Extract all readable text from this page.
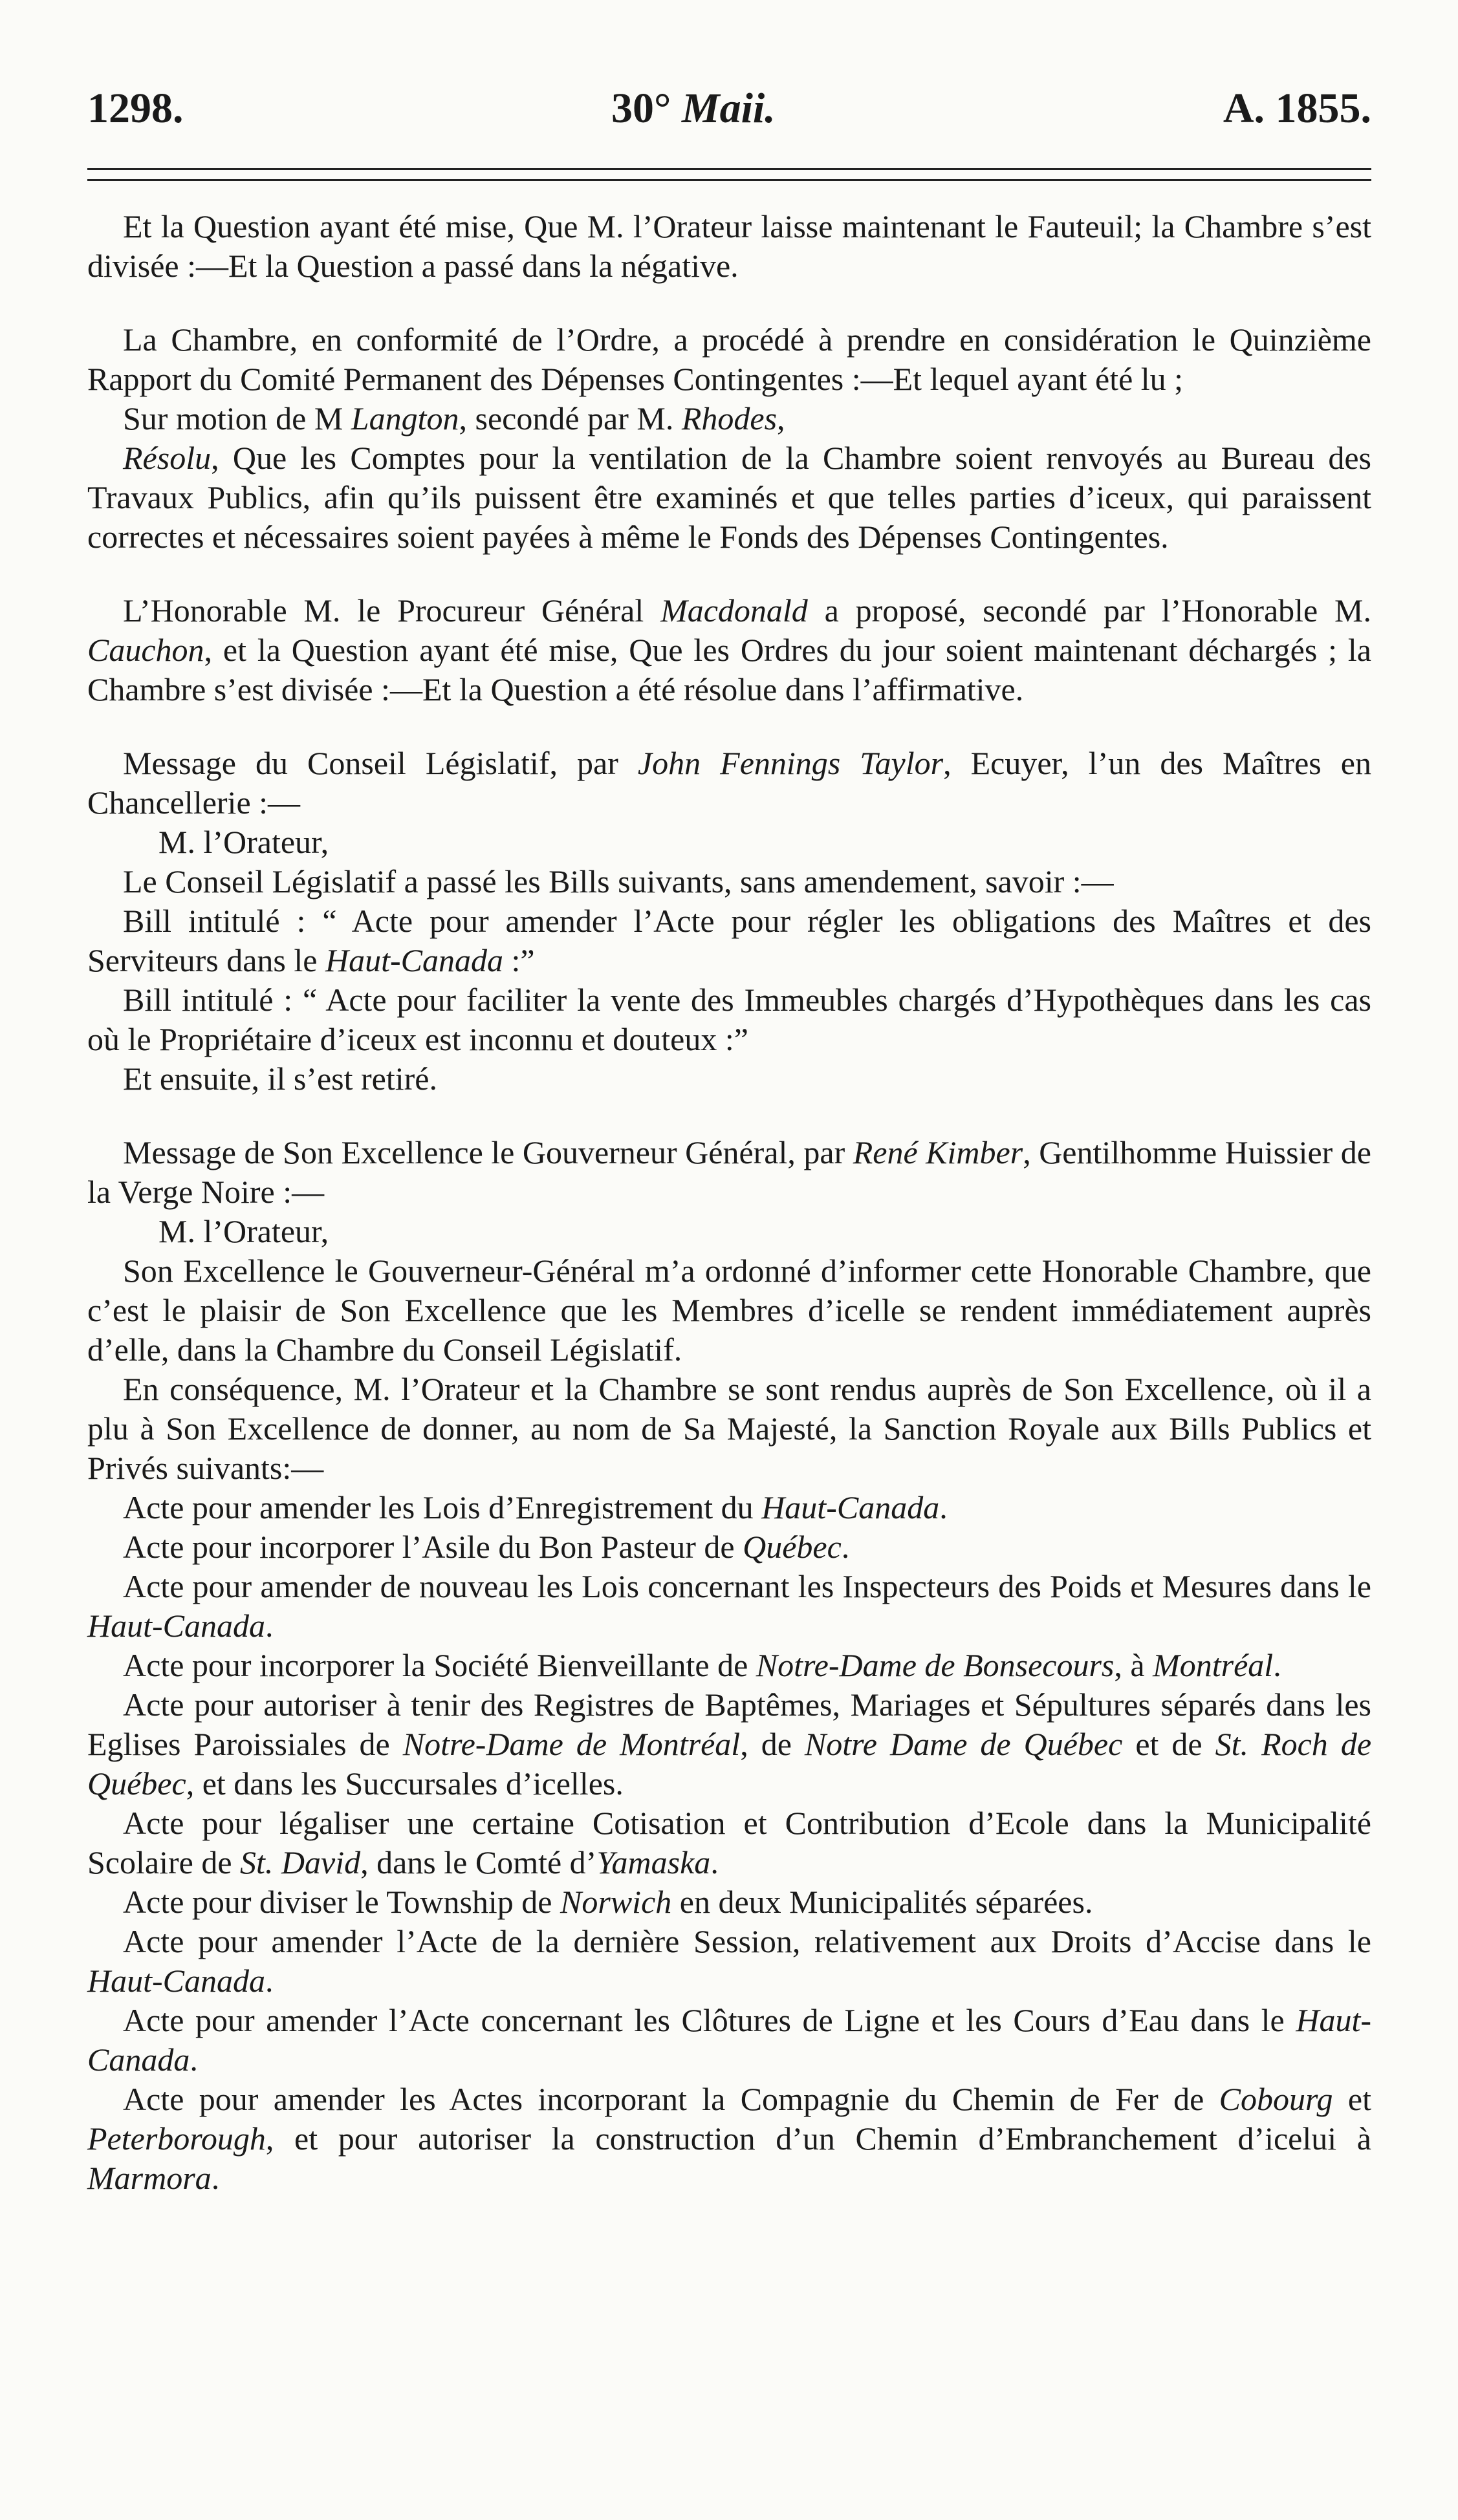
1298.	30° Maii.	A. 1855.

Et la Question ayant été mise, Que M. l’Orateur laisse maintenant le Fauteuil; la Chambre s’est divisée :—Et la Question a passé dans la négative.

La Chambre, en conformité de l’Ordre, a procédé à prendre en considération le Quinzième Rapport du Comité Permanent des Dépenses Contingentes :—Et lequel ayant été lu ;

Sur motion de M Langton, secondé par M. Rhodes,

Résolu, Que les Comptes pour la ventilation de la Chambre soient renvoyés au Bureau des Travaux Publics, afin qu’ils puissent être examinés et que telles parties d’iceux, qui paraissent correctes et nécessaires soient payées à même le Fonds des Dépenses Contingentes.

L’Honorable M. le Procureur Général Macdonald a proposé, secondé par l’Honorable M. Cauchon, et la Question ayant été mise, Que les Ordres du jour soient maintenant déchargés ; la Chambre s’est divisée :—Et la Question a été résolue dans l’affirmative.

Message du Conseil Législatif, par John Fennings Taylor, Ecuyer, l’un des Maîtres en Chancellerie :—

M. l’Orateur,

Le Conseil Législatif a passé les Bills suivants, sans amendement, savoir :—

Bill intitulé : “ Acte pour amender l’Acte pour régler les obligations des Maîtres et des Serviteurs dans le Haut-Canada :”

Bill intitulé : “ Acte pour faciliter la vente des Immeubles chargés d’Hypothèques dans les cas où le Propriétaire d’iceux est inconnu et douteux :”

Et ensuite, il s’est retiré.

Message de Son Excellence le Gouverneur Général, par René Kimber, Gentilhomme Huissier de la Verge Noire :—

M. l’Orateur,

Son Excellence le Gouverneur-Général m’a ordonné d’informer cette Honorable Chambre, que c’est le plaisir de Son Excellence que les Membres d’icelle se rendent immédiatement auprès d’elle, dans la Chambre du Conseil Législatif.

En conséquence, M. l’Orateur et la Chambre se sont rendus auprès de Son Excellence, où il a plu à Son Excellence de donner, au nom de Sa Majesté, la Sanction Royale aux Bills Publics et Privés suivants:—

Acte pour amender les Lois d’Enregistrement du Haut-Canada.

Acte pour incorporer l’Asile du Bon Pasteur de Québec.

Acte pour amender de nouveau les Lois concernant les Inspecteurs des Poids et Mesures dans le Haut-Canada.

Acte pour incorporer la Société Bienveillante de Notre-Dame de Bonsecours, à Montréal.

Acte pour autoriser à tenir des Registres de Baptêmes, Mariages et Sépultures séparés dans les Eglises Paroissiales de Notre-Dame de Montréal, de Notre Dame de Québec et de St. Roch de Québec, et dans les Succursales d’icelles.

Acte pour légaliser une certaine Cotisation et Contribution d’Ecole dans la Municipalité Scolaire de St. David, dans le Comté d’Yamaska.

Acte pour diviser le Township de Norwich en deux Municipalités séparées.

Acte pour amender l’Acte de la dernière Session, relativement aux Droits d’Accise dans le Haut-Canada.

Acte pour amender l’Acte concernant les Clôtures de Ligne et les Cours d’Eau dans le Haut-Canada.

Acte pour amender les Actes incorporant la Compagnie du Chemin de Fer de Cobourg et Peterborough, et pour autoriser la construction d’un Chemin d’Embranchement d’icelui à Marmora.
